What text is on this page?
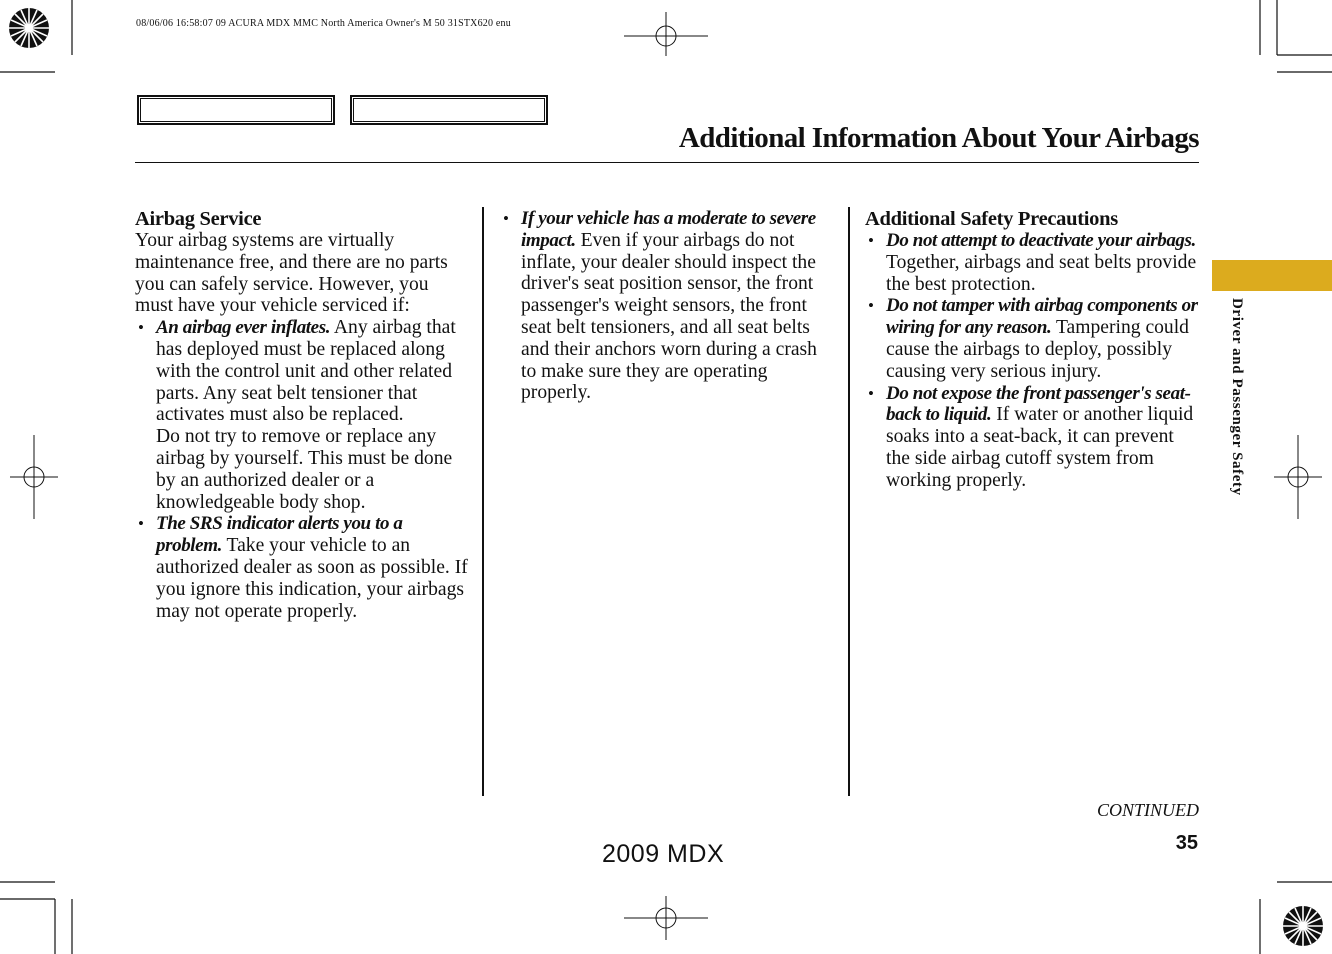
08/06/06 16:58:07 09 ACURA MDX MMC North America Owner's M 50 31STX620 enu
Additional Information About Your Airbags
Airbag Service

Your airbag systems are virtually maintenance free, and there are no parts you can safely service. However, you must have your vehicle serviced if:

• An airbag ever inflates. Any airbag that has deployed must be replaced along with the control unit and other related parts. Any seat belt tensioner that activates must also be replaced.

Do not try to remove or replace any airbag by yourself. This must be done by an authorized dealer or a knowledgeable body shop.

• The SRS indicator alerts you to a problem. Take your vehicle to an authorized dealer as soon as possible. If you ignore this indication, your airbags may not operate properly.

• If your vehicle has a moderate to severe impact. Even if your airbags do not inflate, your dealer should inspect the driver's seat position sensor, the front passenger's weight sensors, the front seat belt tensioners, and all seat belts and their anchors worn during a crash to make sure they are operating properly.

Additional Safety Precautions

• Do not attempt to deactivate your airbags. Together, airbags and seat belts provide the best protection.

• Do not tamper with airbag components or wiring for any reason. Tampering could cause the airbags to deploy, possibly causing very serious injury.

• Do not expose the front passenger's seat-back to liquid. If water or another liquid soaks into a seat-back, it can prevent the side airbag cutoff system from working properly.	Driver and Passenger Safety
CONTINUED
35
2009 MDX
